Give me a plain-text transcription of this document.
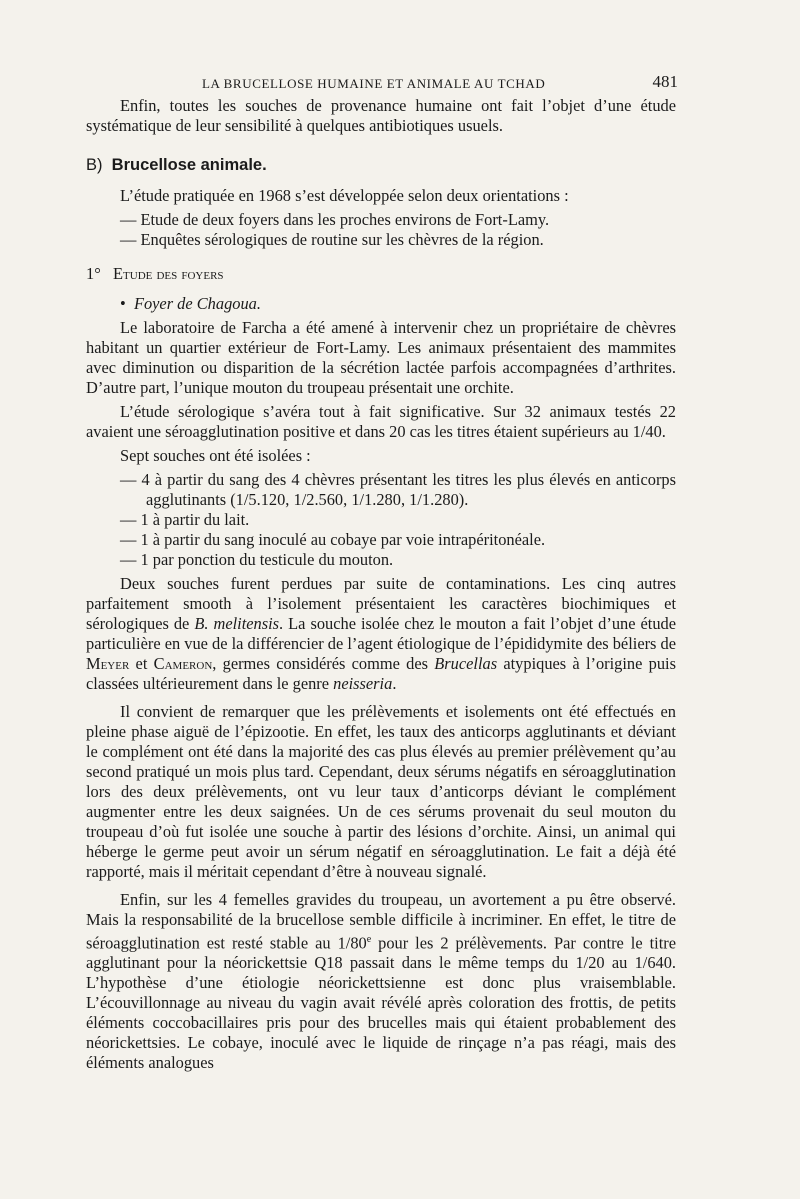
LA BRUCELLOSE HUMAINE ET ANIMALE AU TCHAD	481

Enfin, toutes les souches de provenance humaine ont fait l’objet d’une étude systématique de leur sensibilité à quelques antibiotiques usuels.

B) Brucellose animale.

L’étude pratiquée en 1968 s’est développée selon deux orientations :

— Etude de deux foyers dans les proches environs de Fort-Lamy.

— Enquêtes sérologiques de routine sur les chèvres de la région.

1° Etude des foyers

• Foyer de Chagoua.

Le laboratoire de Farcha a été amené à intervenir chez un propriétaire de chèvres habitant un quartier extérieur de Fort-Lamy. Les animaux présentaient des mammites avec diminution ou disparition de la sécrétion lactée parfois accompagnées d’arthrites. D’autre part, l’unique mouton du troupeau présentait une orchite.

L’étude sérologique s’avéra tout à fait significative. Sur 32 animaux testés 22 avaient une séroagglutination positive et dans 20 cas les titres étaient supérieurs au 1/40.

Sept souches ont été isolées :

— 4 à partir du sang des 4 chèvres présentant les titres les plus élevés en anticorps agglutinants (1/5.120, 1/2.560, 1/1.280, 1/1.280).

— 1 à partir du lait.

— 1 à partir du sang inoculé au cobaye par voie intrapéritonéale.

— 1 par ponction du testicule du mouton.

Deux souches furent perdues par suite de contaminations. Les cinq autres parfaitement smooth à l’isolement présentaient les caractères biochimiques et sérologiques de B. melitensis. La souche isolée chez le mouton a fait l’objet d’une étude particulière en vue de la différencier de l’agent étiologique de l’épididymite des béliers de Meyer et Cameron, germes considérés comme des Brucellas atypiques à l’origine puis classées ultérieurement dans le genre neisseria.

Il convient de remarquer que les prélèvements et isolements ont été effectués en pleine phase aiguë de l’épizootie. En effet, les taux des anticorps agglutinants et déviant le complément ont été dans la majorité des cas plus élevés au premier prélèvement qu’au second pratiqué un mois plus tard. Cependant, deux sérums négatifs en séroagglutination lors des deux prélèvements, ont vu leur taux d’anticorps déviant le complément augmenter entre les deux saignées. Un de ces sérums provenait du seul mouton du troupeau d’où fut isolée une souche à partir des lésions d’orchite. Ainsi, un animal qui héberge le germe peut avoir un sérum négatif en séroagglutination. Le fait a déjà été rapporté, mais il méritait cependant d’être à nouveau signalé.

Enfin, sur les 4 femelles gravides du troupeau, un avortement a pu être observé. Mais la responsabilité de la brucellose semble difficile à incriminer. En effet, le titre de séroagglutination est resté stable au 1/80e pour les 2 prélèvements. Par contre le titre agglutinant pour la néorickettsie Q18 passait dans le même temps du 1/20 au 1/640. L’hypothèse d’une étiologie néorickettsienne est donc plus vraisemblable. L’écouvillonnage au niveau du vagin avait révélé après coloration des frottis, de petits éléments coccobacillaires pris pour des brucelles mais qui étaient probablement des néorickettsies. Le cobaye, inoculé avec le liquide de rinçage n’a pas réagi, mais des éléments analogues
